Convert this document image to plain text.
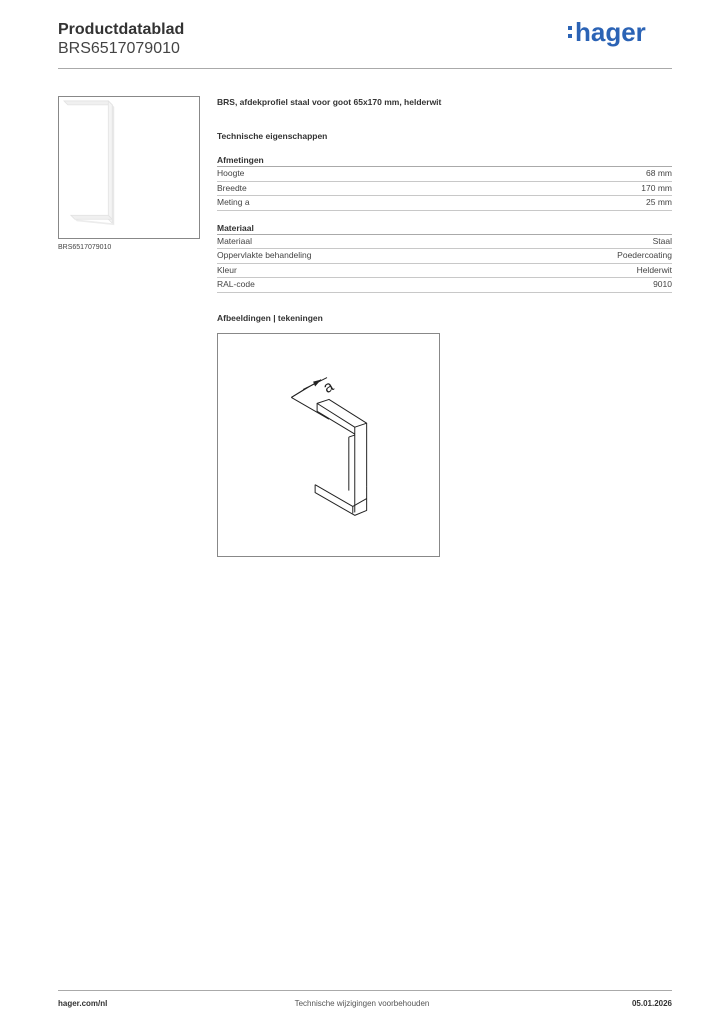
Productdatablad
BRS6517079010
hager
BRS6517079010
BRS, afdekprofiel staal voor goot 65x170 mm, helderwit
Technische eigenschappen
Afmetingen
Hoogte	68 mm
Breedte	170 mm
Meting a	25 mm
Materiaal
Materiaal	Staal
Oppervlakte behandeling	Poedercoating
Kleur	Helderwit
RAL-code	9010
Afbeeldingen | tekeningen
a
hager.com/nl	Technische wijzigingen voorbehouden	05.01.2026
